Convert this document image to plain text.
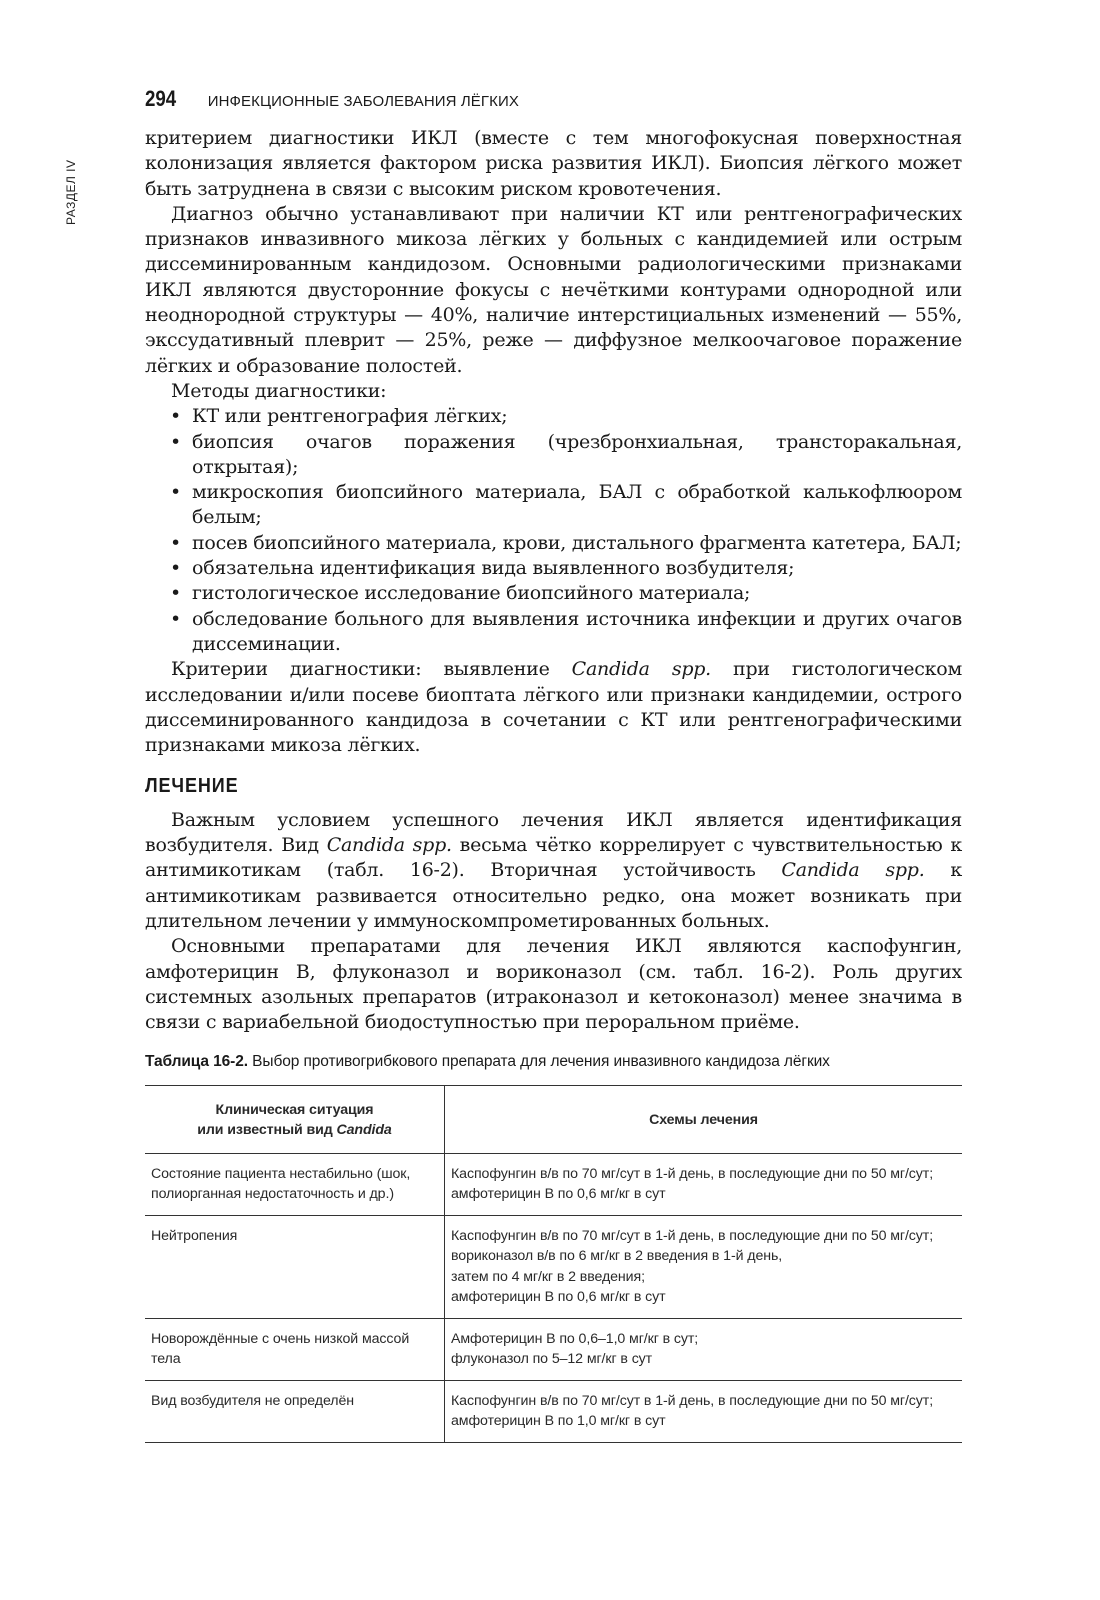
РАЗДЕЛ IV
294 ИНФЕКЦИОННЫЕ ЗАБОЛЕВАНИЯ ЛЁГКИХ

критерием диагностики ИКЛ (вместе с тем многофокусная поверхностная колонизация является фактором риска развития ИКЛ). Биопсия лёгкого может быть затруднена в связи с высоким риском кровотечения.

Диагноз обычно устанавливают при наличии КТ или рентгенографических признаков инвазивного микоза лёгких у больных с кандидемией или острым диссеминированным кандидозом. Основными радиологическими признаками ИКЛ являются двусторонние фокусы с нечёткими контурами однородной или неоднородной структуры — 40%, наличие интерстициальных изменений — 55%, экссудативный плеврит — 25%, реже — диффузное мелкоочаговое поражение лёгких и образование полостей.

Методы диагностики:

• КТ или рентгенография лёгких;
• биопсия очагов поражения (чрезбронхиальная, трансторакальная, открытая);
• микроскопия биопсийного материала, БАЛ с обработкой калькофлюором белым;
• посев биопсийного материала, крови, дистального фрагмента катетера, БАЛ;
• обязательна идентификация вида выявленного возбудителя;
• гистологическое исследование биопсийного материала;
• обследование больного для выявления источника инфекции и других очагов диссеминации.

Критерии диагностики: выявление Candida spp. при гистологическом исследовании и/или посеве биоптата лёгкого или признаки кандидемии, острого диссеминированного кандидоза в сочетании с КТ или рентгенографическими признаками микоза лёгких.

ЛЕЧЕНИЕ

Важным условием успешного лечения ИКЛ является идентификация возбудителя. Вид Candida spp. весьма чётко коррелирует с чувствительностью к антимикотикам (табл. 16-2). Вторичная устойчивость Candida spp. к антимикотикам развивается относительно редко, она может возникать при длительном лечении у иммуноскомпрометированных больных.

Основными препаратами для лечения ИКЛ являются каспофунгин, амфотерицин В, флуконазол и вориконазол (см. табл. 16-2). Роль других системных азольных препаратов (итраконазол и кетоконазол) менее значима в связи с вариабельной биодоступностью при пероральном приёме.

Таблица 16-2. Выбор противогрибкового препарата для лечения инвазивного кандидоза лёгких
Клиническая ситуация
или известный вид Candida	Схемы лечения
Состояние пациента нестабильно (шок, полиорганная недостаточность и др.)	Каспофунгин в/в по 70 мг/сут в 1-й день, в последующие дни по 50 мг/сут;
амфотерицин В по 0,6 мг/кг в сут

Нейтропения	Каспофунгин в/в по 70 мг/сут в 1-й день, в последующие дни по 50 мг/сут;
вориконазол в/в по 6 мг/кг в 2 введения в 1-й день,
затем по 4 мг/кг в 2 введения;
амфотерицин В по 0,6 мг/кг в сут

Новорождённые с очень низкой массой тела	Амфотерицин В по 0,6–1,0 мг/кг в сут;
флуконазол по 5–12 мг/кг в сут

Вид возбудителя не определён	Каспофунгин в/в по 70 мг/сут в 1-й день, в последующие дни по 50 мг/сут;
амфотерицин В по 1,0 мг/кг в сут
